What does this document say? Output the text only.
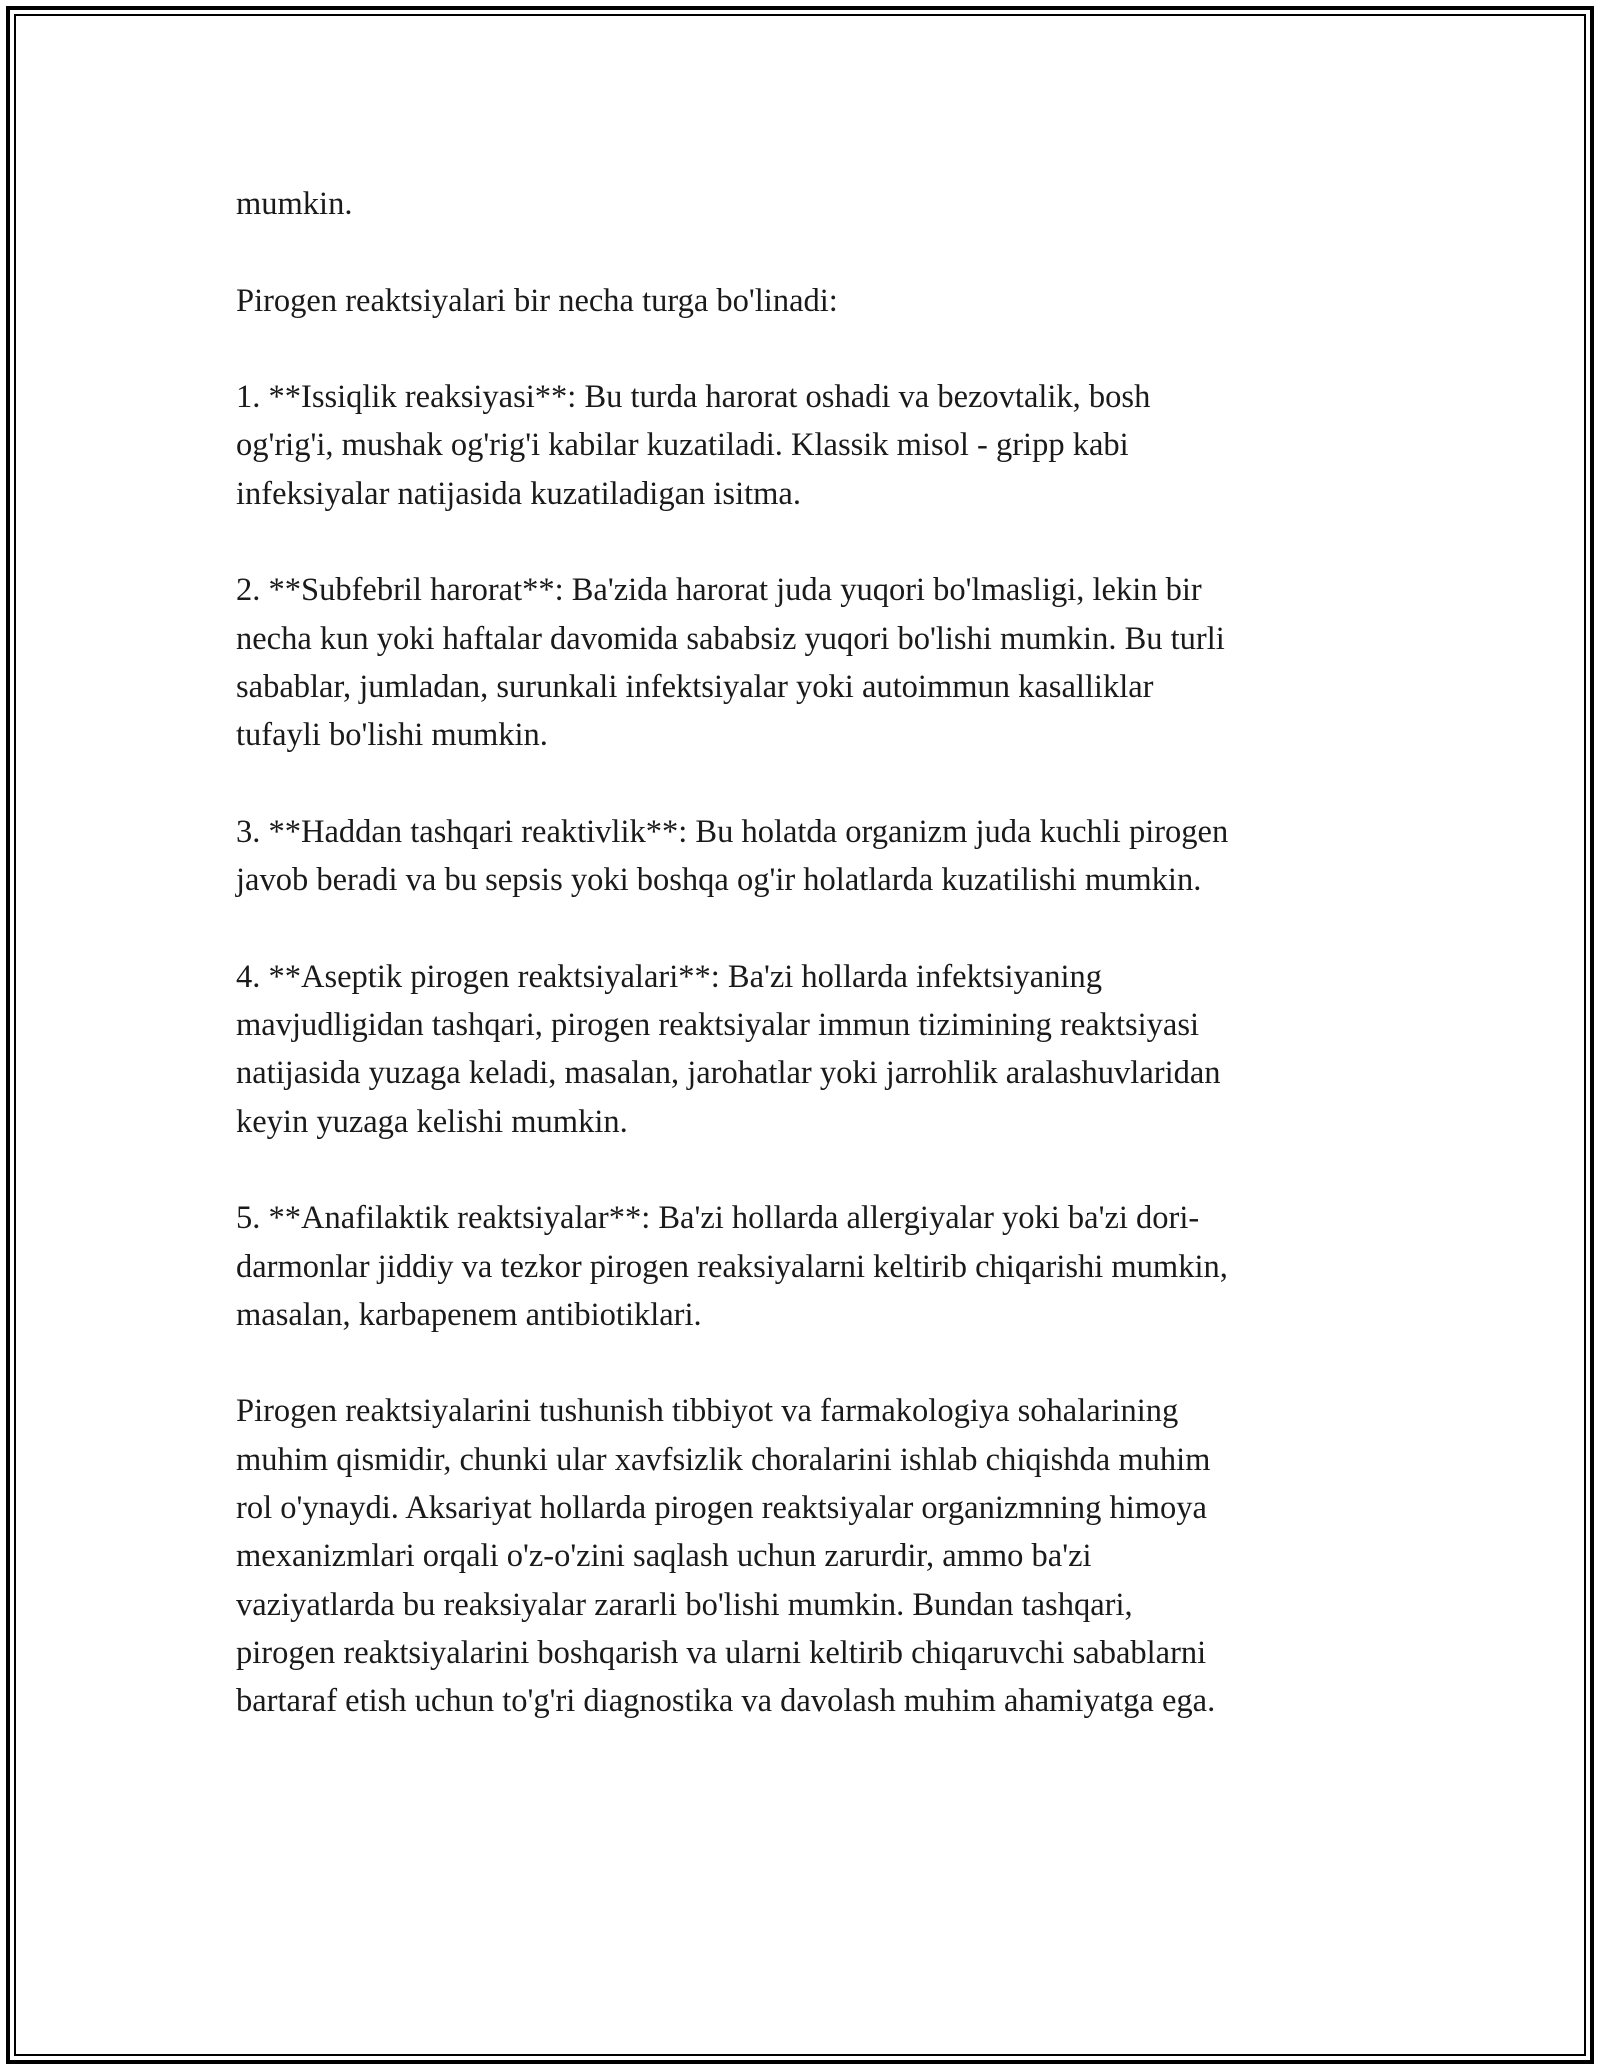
mumkin.

Pirogen reaktsiyalari bir necha turga bo'linadi:

1. **Issiqlik reaksiyasi**: Bu turda harorat oshadi va bezovtalik, bosh
og'rig'i, mushak og'rig'i kabilar kuzatiladi. Klassik misol - gripp kabi
infeksiyalar natijasida kuzatiladigan isitma.

2. **Subfebril harorat**: Ba'zida harorat juda yuqori bo'lmasligi, lekin bir
necha kun yoki haftalar davomida sababsiz yuqori bo'lishi mumkin. Bu turli
sabablar, jumladan, surunkali infektsiyalar yoki autoimmun kasalliklar
tufayli bo'lishi mumkin.

3. **Haddan tashqari reaktivlik**: Bu holatda organizm juda kuchli pirogen
javob beradi va bu sepsis yoki boshqa og'ir holatlarda kuzatilishi mumkin.

4. **Aseptik pirogen reaktsiyalari**: Ba'zi hollarda infektsiyaning
mavjudligidan tashqari, pirogen reaktsiyalar immun tizimining reaktsiyasi
natijasida yuzaga keladi, masalan, jarohatlar yoki jarrohlik aralashuvlaridan
keyin yuzaga kelishi mumkin.

5. **Anafilaktik reaktsiyalar**: Ba'zi hollarda allergiyalar yoki ba'zi dori-
darmonlar jiddiy va tezkor pirogen reaksiyalarni keltirib chiqarishi mumkin,
masalan, karbapenem antibiotiklari.

Pirogen reaktsiyalarini tushunish tibbiyot va farmakologiya sohalarining
muhim qismidir, chunki ular xavfsizlik choralarini ishlab chiqishda muhim
rol o'ynaydi. Aksariyat hollarda pirogen reaktsiyalar organizmning himoya
mexanizmlari orqali o'z-o'zini saqlash uchun zarurdir, ammo ba'zi
vaziyatlarda bu reaksiyalar zararli bo'lishi mumkin. Bundan tashqari,
pirogen reaktsiyalarini boshqarish va ularni keltirib chiqaruvchi sabablarni
bartaraf etish uchun to'g'ri diagnostika va davolash muhim ahamiyatga ega.
